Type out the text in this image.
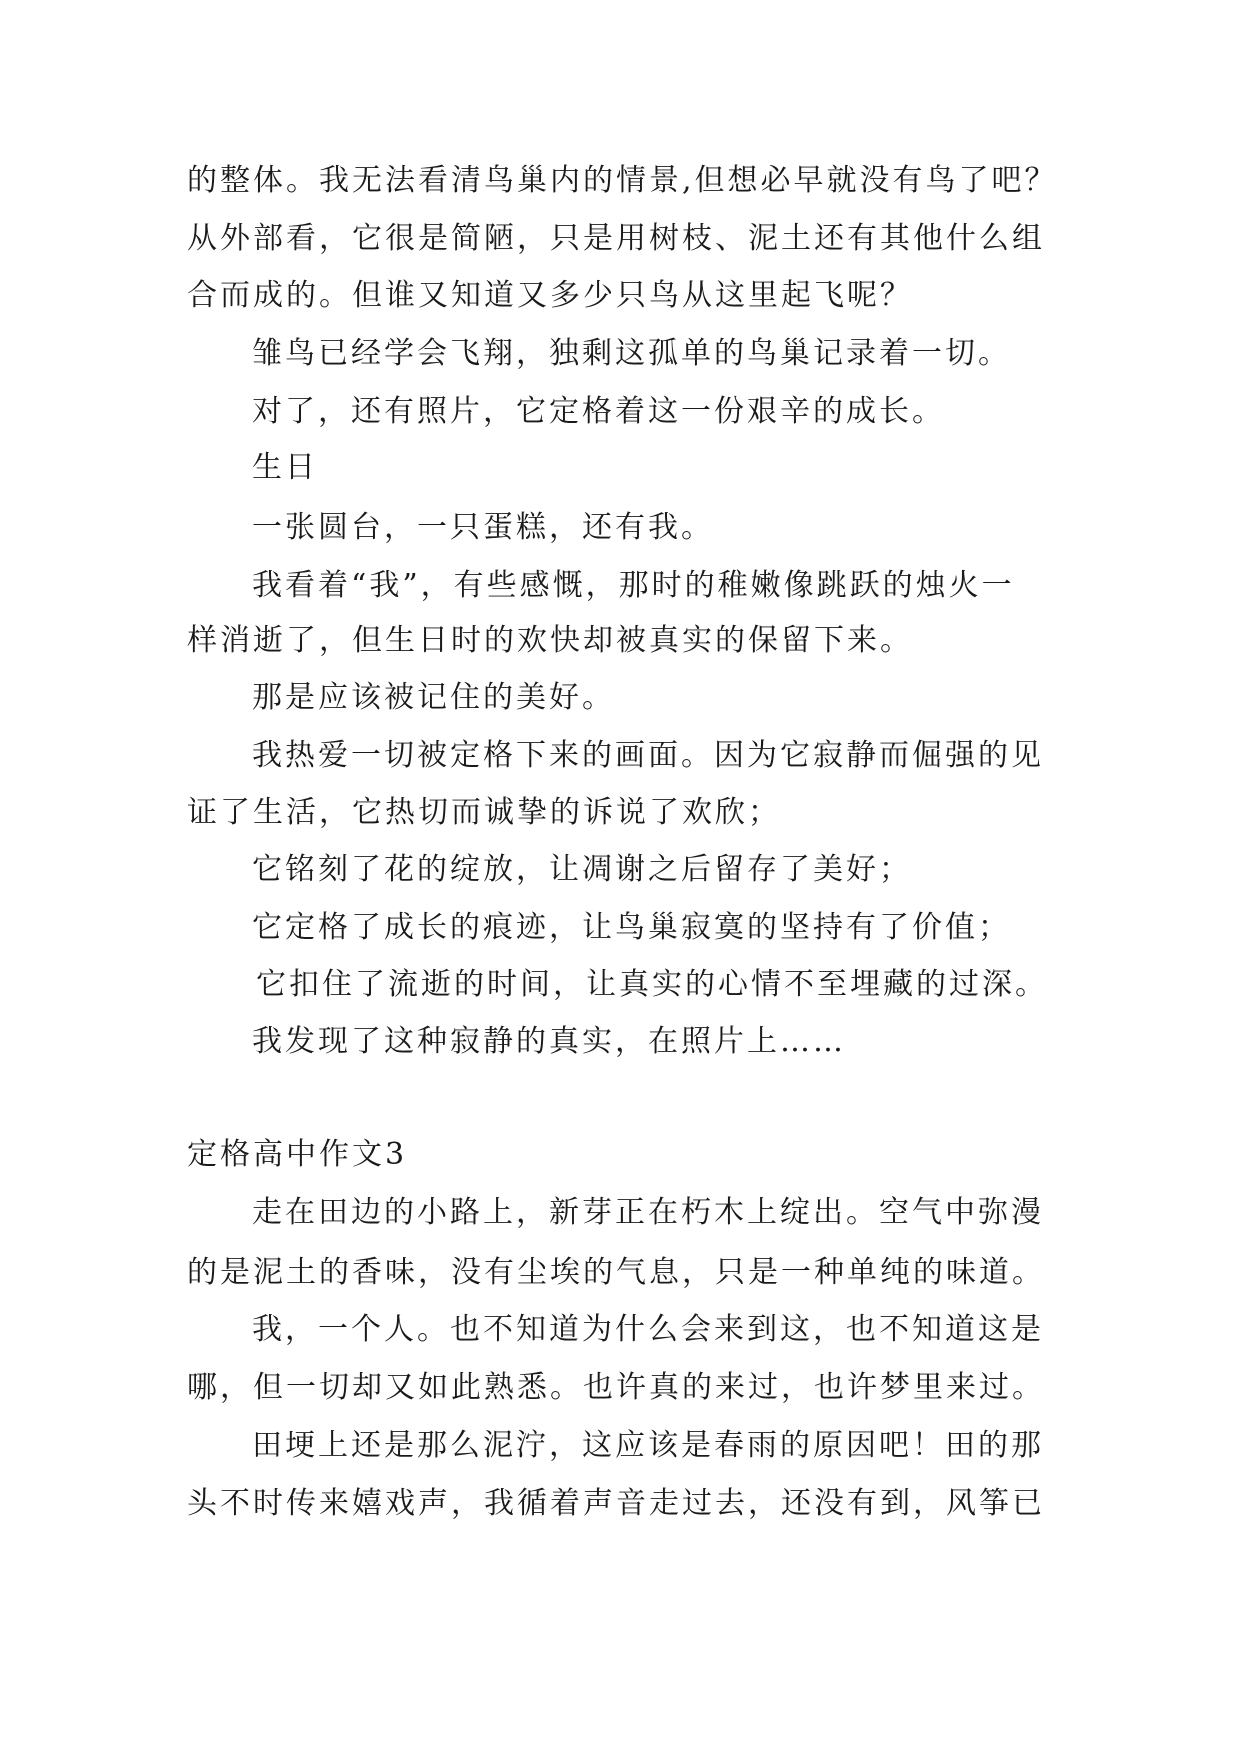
的整体。我无法看清鸟巢内的情景,但想必早就没有鸟了吧？
从外部看，它很是简陋，只是用树枝、泥土还有其他什么组
合而成的。但谁又知道又多少只鸟从这里起飞呢？
雏鸟已经学会飞翔，独剩这孤单的鸟巢记录着一切。
对了，还有照片，它定格着这一份艰辛的成长。
生日
一张圆台，一只蛋糕，还有我。
我看着“我”，有些感慨，那时的稚嫩像跳跃的烛火一
样消逝了，但生日时的欢快却被真实的保留下来。
那是应该被记住的美好。
我热爱一切被定格下来的画面。因为它寂静而倔强的见
证了生活，它热切而诚挚的诉说了欢欣；
它铭刻了花的绽放，让凋谢之后留存了美好；
它定格了成长的痕迹，让鸟巢寂寞的坚持有了价值；
它扣住了流逝的时间，让真实的心情不至埋藏的过深。
我发现了这种寂静的真实，在照片上……
定格高中作文3
走在田边的小路上，新芽正在朽木上绽出。空气中弥漫
的是泥土的香味，没有尘埃的气息，只是一种单纯的味道。
我，一个人。也不知道为什么会来到这，也不知道这是
哪，但一切却又如此熟悉。也许真的来过，也许梦里来过。
田埂上还是那么泥泞，这应该是春雨的原因吧！田的那
头不时传来嬉戏声，我循着声音走过去，还没有到，风筝已
